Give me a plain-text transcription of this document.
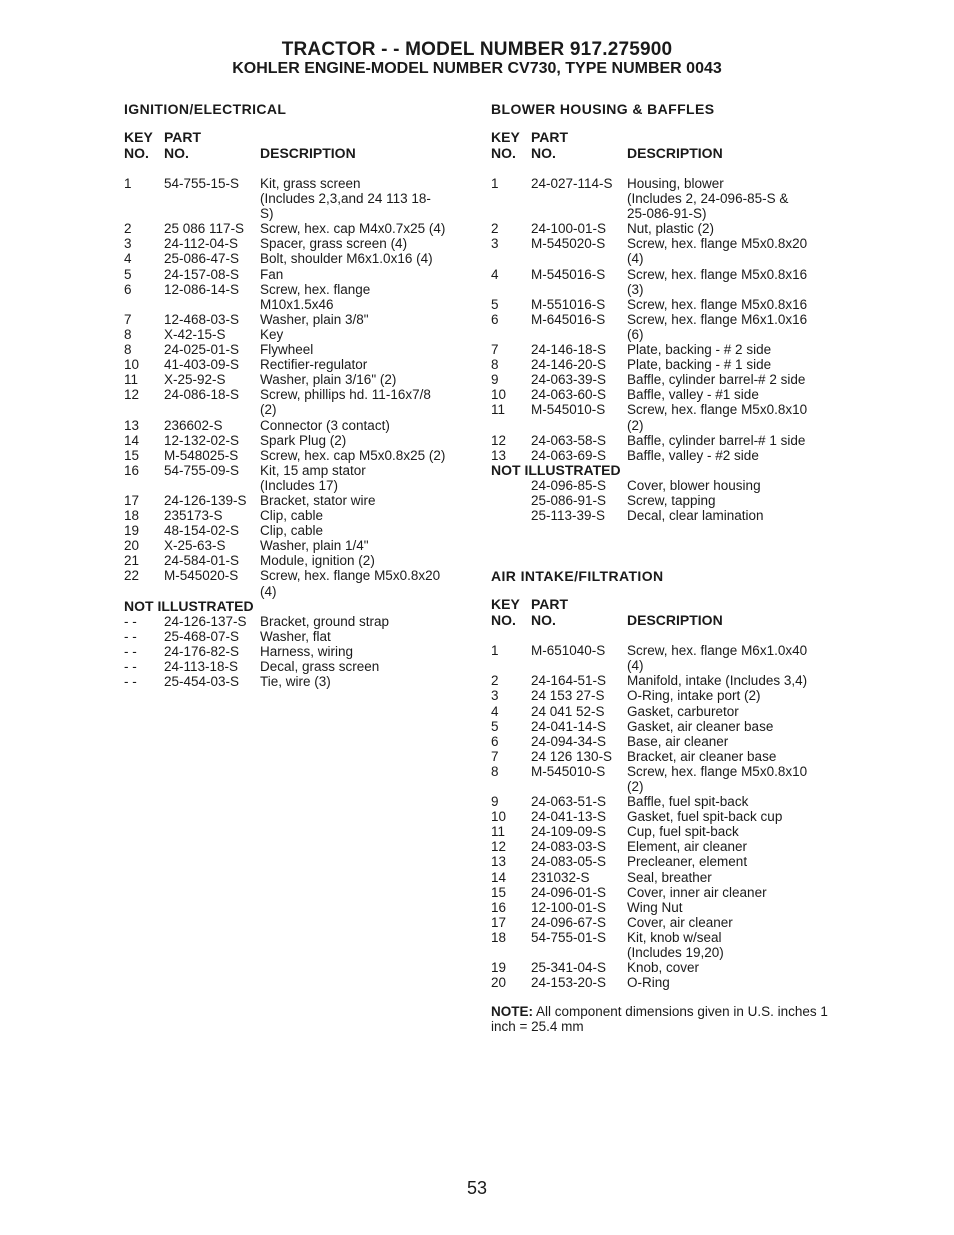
TRACTOR - - MODEL NUMBER 917.275900
KOHLER ENGINE-MODEL NUMBER CV730, TYPE NUMBER 0043
IGNITION/ELECTRICAL
KEY
NO.
PART
NO.	DESCRIPTION
1	54-755-15-S	Kit, grass screen
(Includes 2,3,and 24 113 18-
S)
2	25 086 117-S	Screw, hex. cap M4x0.7x25 (4)
3	24-112-04-S	Spacer, grass screen (4)
4	25-086-47-S	Bolt, shoulder M6x1.0x16 (4)
5	24-157-08-S	Fan
6	12-086-14-S	Screw, hex. flange
M10x1.5x46
7	12-468-03-S	Washer, plain 3/8"
8	X-42-15-S	Key
8	24-025-01-S	Flywheel
10	41-403-09-S	Rectifier-regulator
11	X-25-92-S	Washer, plain 3/16" (2)
12	24-086-18-S	Screw, phillips hd. 11-16x7/8
(2)
13	236602-S	Connector (3 contact)
14	12-132-02-S	Spark Plug (2)
15	M-548025-S	Screw, hex. cap M5x0.8x25 (2)
16	54-755-09-S	Kit, 15 amp stator
(Includes 17)
17	24-126-139-S Bracket, stator wire
18	235173-S	Clip, cable
19	48-154-02-S	Clip, cable
20	X-25-63-S	Washer, plain 1/4"
21	24-584-01-S	Module, ignition (2)
22	M-545020-S	Screw, hex. flange M5x0.8x20
(4)
NOT ILLUSTRATED
- -	24-126-137-S Bracket, ground strap
- -	25-468-07-S	Washer, flat
- -	24-176-82-S	Harness, wiring
- -	24-113-18-S	Decal, grass screen
- -	25-454-03-S	Tie, wire (3)
BLOWER HOUSING & BAFFLES
KEY
NO.
PART
NO.	DESCRIPTION
1	24-027-114-S	Housing, blower
(Includes 2, 24-096-85-S &
25-086-91-S)
2	24-100-01-S	Nut, plastic (2)
3	M-545020-S	Screw, hex. flange M5x0.8x20
(4)
4	M-545016-S	Screw, hex. flange M5x0.8x16
(3)
5	M-551016-S	Screw, hex. flange M5x0.8x16
6	M-645016-S	Screw, hex. flange M6x1.0x16
(6)
7	24-146-18-S	Plate, backing - # 2 side
8	24-146-20-S	Plate, backing - # 1 side
9	24-063-39-S	Baffle, cylinder barrel-# 2 side
10	24-063-60-S	Baffle, valley - #1 side
11	M-545010-S	Screw, hex. flange M5x0.8x10
(2)
12	24-063-58-S	Baffle, cylinder barrel-# 1 side
13	24-063-69-S	Baffle, valley - #2 side
NOT ILLUSTRATED
24-096-85-S	Cover, blower housing
25-086-91-S	Screw, tapping
25-113-39-S	Decal, clear lamination
AIR INTAKE/FILTRATION
KEY
NO.
PART
NO.	DESCRIPTION
1	M-651040-S	Screw, hex. flange M6x1.0x40
(4)
2	24-164-51-S	Manifold, intake (Includes 3,4)
3	24 153 27-S	O-Ring, intake port (2)
4	24 041 52-S	Gasket, carburetor
5	24-041-14-S	Gasket, air cleaner base
6	24-094-34-S	Base, air cleaner
7	24 126 130-S	Bracket, air cleaner base
8	M-545010-S	Screw, hex. flange M5x0.8x10
(2)
9	24-063-51-S	Baffle, fuel spit-back
10	24-041-13-S	Gasket, fuel spit-back cup
11	24-109-09-S	Cup, fuel spit-back
12	24-083-03-S	Element, air cleaner
13	24-083-05-S	Precleaner, element
14	231032-S	Seal, breather
15	24-096-01-S	Cover, inner air cleaner
16	12-100-01-S	Wing Nut
17	24-096-67-S	Cover, air cleaner
18	54-755-01-S	Kit, knob w/seal
(Includes 19,20)
19	25-341-04-S	Knob, cover
20	24-153-20-S	O-Ring
NOTE: All component dimensions given in U.S. inches 1 inch = 25.4 mm
53
